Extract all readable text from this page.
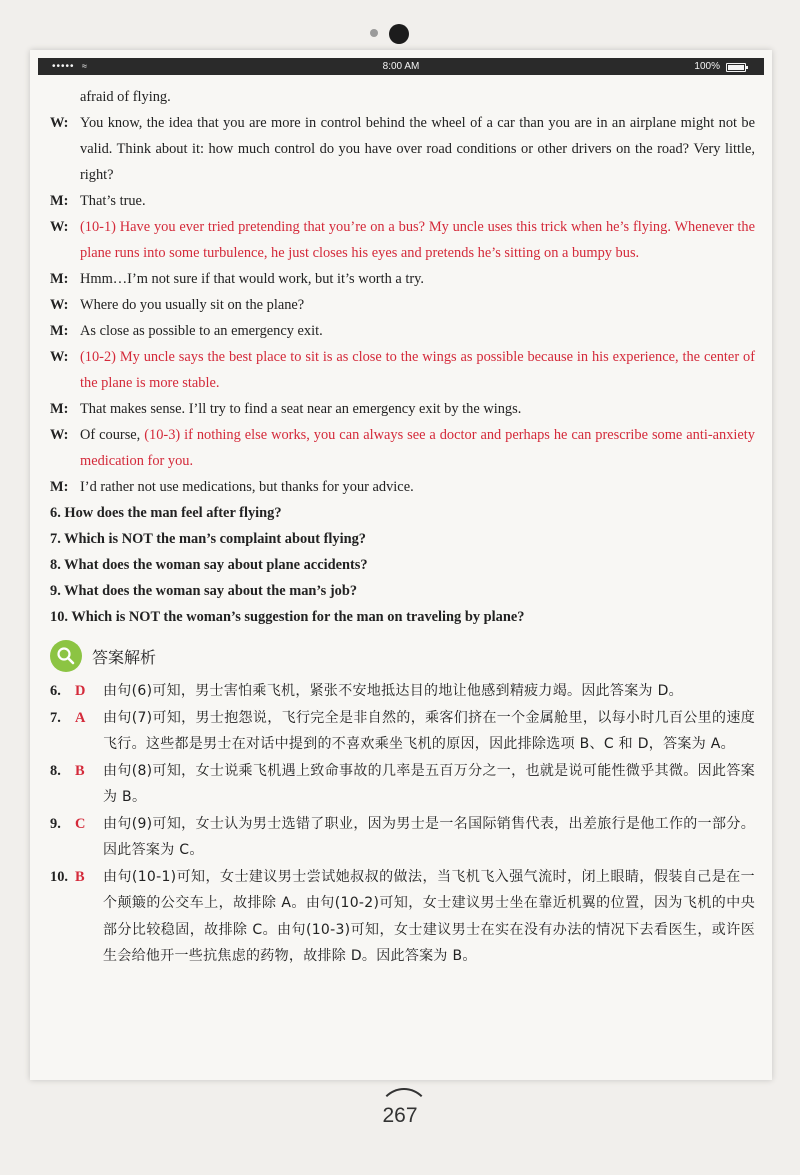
••••• ≈	8:00 AM	100%
afraid of flying.
W: You know, the idea that you are more in control behind the wheel of a car than you are in an airplane might not be valid. Think about it: how much control do you have over road conditions or other drivers on the road? Very little, right?
M: That’s true.
W: (10-1) Have you ever tried pretending that you’re on a bus? My uncle uses this trick when he’s flying. Whenever the plane runs into some turbulence, he just closes his eyes and pretends he’s sitting on a bumpy bus.
M: Hmm…I’m not sure if that would work, but it’s worth a try.
W: Where do you usually sit on the plane?
M: As close as possible to an emergency exit.
W: (10-2) My uncle says the best place to sit is as close to the wings as possible because in his experience, the center of the plane is more stable.
M: That makes sense. I’ll try to find a seat near an emergency exit by the wings.
W: Of course, (10-3) if nothing else works, you can always see a doctor and perhaps he can prescribe some anti-anxiety medication for you.
M: I’d rather not use medications, but thanks for your advice.
6. How does the man feel after flying?
7. Which is NOT the man’s complaint about flying?
8. What does the woman say about plane accidents?
9. What does the woman say about the man’s job?
10. Which is NOT the woman’s suggestion for the man on traveling by plane?
答案解析
6. D	由句(6)可知，男士害怕乘飞机，紧张不安地抵达目的地让他感到精疲力竭。因此答案为 D。
7. A	由句(7)可知，男士抱怨说，飞行完全是非自然的，乘客们挤在一个金属舱里，以每小时几百公里的速度飞行。这些都是男士在对话中提到的不喜欢乘坐飞机的原因，因此排除选项 B、C 和 D，答案为 A。
8. B	由句(8)可知，女士说乘飞机遇上致命事故的几率是五百万分之一，也就是说可能性微乎其微。因此答案为 B。
9. C	由句(9)可知，女士认为男士选错了职业，因为男士是一名国际销售代表，出差旅行是他工作的一部分。因此答案为 C。
10. B	由句(10-1)可知，女士建议男士尝试她叔叔的做法，当飞机飞入强气流时，闭上眼睛，假装自己是在一个颠簸的公交车上，故排除 A。由句(10-2)可知，女士建议男士坐在靠近机翼的位置，因为飞机的中央部分比较稳固，故排除 C。由句(10-3)可知，女士建议男士在实在没有办法的情况下去看医生，或许医生会给他开一些抗焦虑的药物，故排除 D。因此答案为 B。
267
